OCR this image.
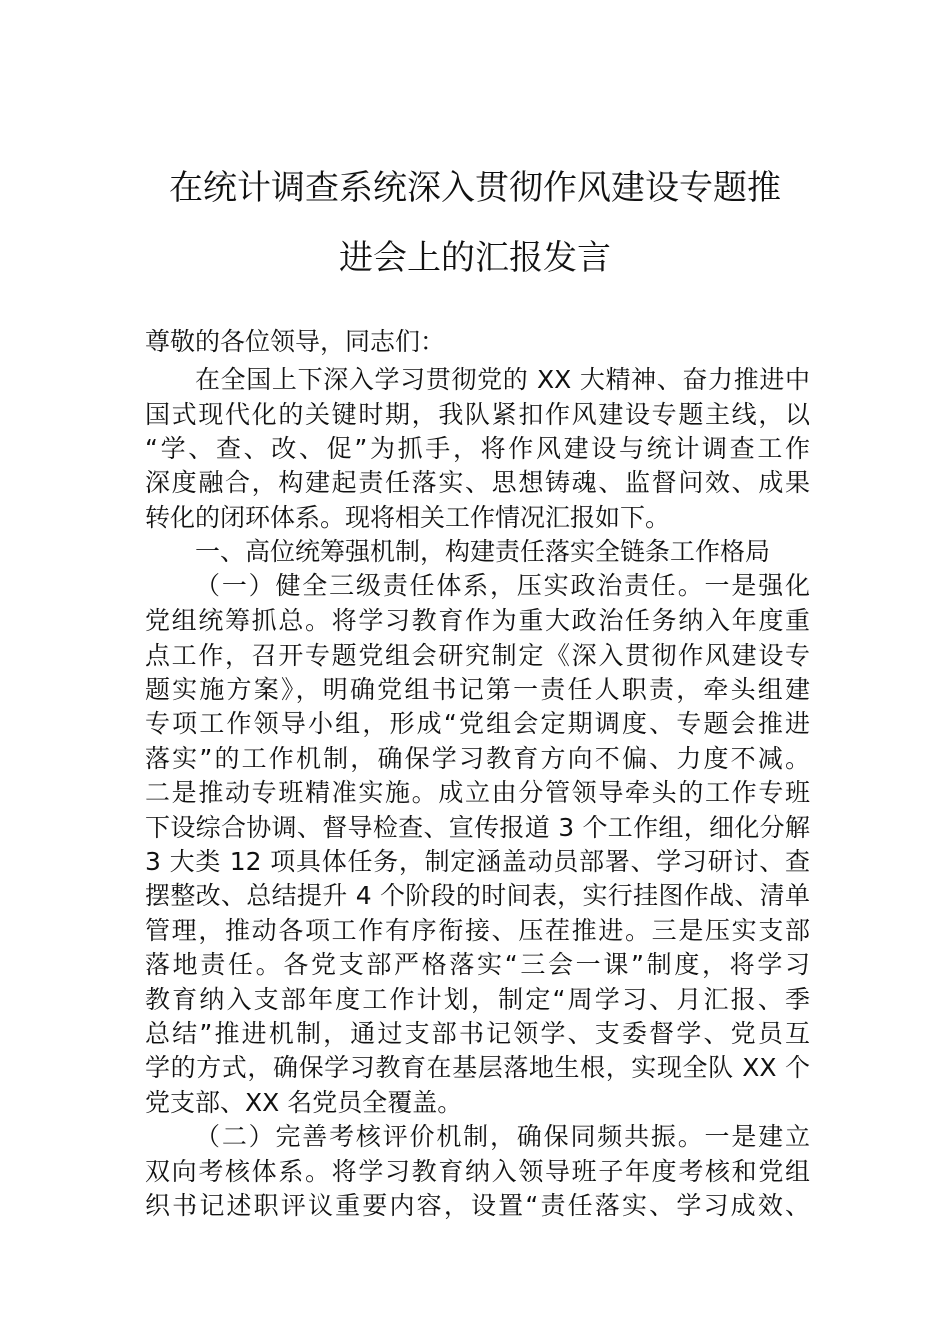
在统计调查系统深入贯彻作风建设专题推
进会上的汇报发言
尊敬的各位领导，同志们：
在全国上下深入学习贯彻党的 XX 大精神、奋力推进中
国式现代化的关键时期，我队紧扣作风建设专题主线，以
“学、查、改、促”为抓手，将作风建设与统计调查工作
深度融合，构建起责任落实、思想铸魂、监督问效、成果
转化的闭环体系。现将相关工作情况汇报如下。
一、高位统筹强机制，构建责任落实全链条工作格局
（一）健全三级责任体系，压实政治责任。一是强化
党组统筹抓总。将学习教育作为重大政治任务纳入年度重
点工作，召开专题党组会研究制定《深入贯彻作风建设专
题实施方案》，明确党组书记第一责任人职责，牵头组建
专项工作领导小组，形成“党组会定期调度、专题会推进
落实”的工作机制，确保学习教育方向不偏、力度不减。
二是推动专班精准实施。成立由分管领导牵头的工作专班
下设综合协调、督导检查、宣传报道 3 个工作组，细化分解
3 大类 12 项具体任务，制定涵盖动员部署、学习研讨、查
摆整改、总结提升 4 个阶段的时间表，实行挂图作战、清单
管理，推动各项工作有序衔接、压茬推进。三是压实支部
落地责任。各党支部严格落实“三会一课”制度，将学习
教育纳入支部年度工作计划，制定“周学习、月汇报、季
总结”推进机制，通过支部书记领学、支委督学、党员互
学的方式，确保学习教育在基层落地生根，实现全队 XX 个
党支部、XX 名党员全覆盖。
（二）完善考核评价机制，确保同频共振。一是建立
双向考核体系。将学习教育纳入领导班子年度考核和党组
织书记述职评议重要内容，设置“责任落实、学习成效、
